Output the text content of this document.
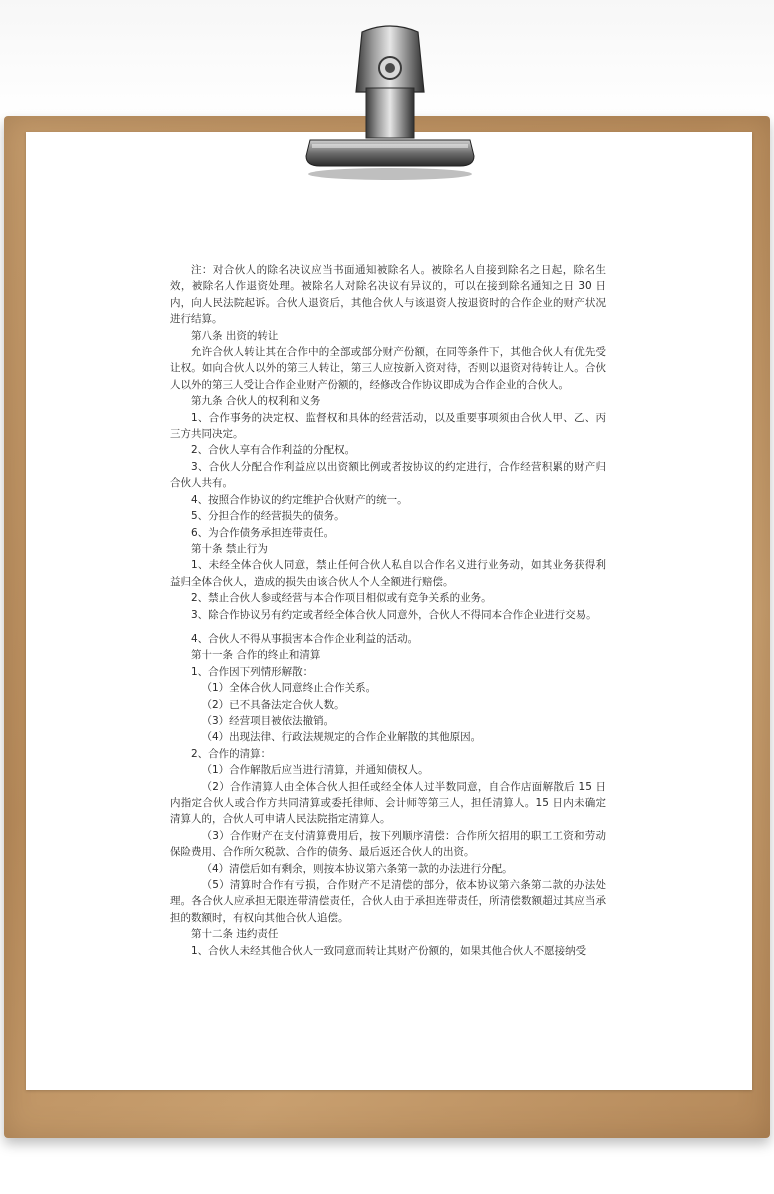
注：对合伙人的除名决议应当书面通知被除名人。被除名人自接到除名之日起，除名生效，被除名人作退资处理。被除名人对除名决议有异议的，可以在接到除名通知之日 30 日内，向人民法院起诉。合伙人退资后，其他合伙人与该退资人按退资时的合作企业的财产状况进行结算。

第八条 出资的转让

允许合伙人转让其在合作中的全部或部分财产份额，在同等条件下，其他合伙人有优先受让权。如向合伙人以外的第三人转让，第三人应按新入资对待，否则以退资对待转让人。合伙人以外的第三人受让合作企业财产份额的，经修改合作协议即成为合作企业的合伙人。

第九条 合伙人的权利和义务

1、合作事务的决定权、监督权和具体的经营活动，以及重要事项须由合伙人甲、乙、丙三方共同决定。

2、合伙人享有合作利益的分配权。

3、合伙人分配合作利益应以出资额比例或者按协议的约定进行，合作经营积累的财产归合伙人共有。

4、按照合作协议的约定维护合伙财产的统一。

5、分担合作的经营损失的债务。

6、为合作债务承担连带责任。

第十条 禁止行为

1、未经全体合伙人同意，禁止任何合伙人私自以合作名义进行业务动，如其业务获得利益归全体合伙人，造成的损失由该合伙人个人全额进行赔偿。

2、禁止合伙人参或经营与本合作项目相似或有竞争关系的业务。

3、除合作协议另有约定或者经全体合伙人同意外，合伙人不得同本合作企业进行交易。

4、合伙人不得从事损害本合作企业利益的活动。

第十一条 合作的终止和清算

1、合作因下列情形解散：

（1）全体合伙人同意终止合作关系。

（2）已不具备法定合伙人数。

（3）经营项目被依法撤销。

（4）出现法律、行政法规规定的合作企业解散的其他原因。

2、合作的清算：

（1）合作解散后应当进行清算，并通知债权人。

（2）合作清算人由全体合伙人担任或经全体人过半数同意，自合作店面解散后 15 日内指定合伙人或合作方共同清算或委托律师、会计师等第三人，担任清算人。15 日内未确定清算人的，合伙人可申请人民法院指定清算人。

（3）合作财产在支付清算费用后，按下列顺序清偿：合作所欠招用的职工工资和劳动保险费用、合作所欠税款、合作的债务、最后返还合伙人的出资。

（4）清偿后如有剩余，则按本协议第六条第一款的办法进行分配。

（5）清算时合作有亏损，合作财产不足清偿的部分，依本协议第六条第二款的办法处理。各合伙人应承担无限连带清偿责任，合伙人由于承担连带责任，所清偿数额超过其应当承担的数额时，有权向其他合伙人追偿。

第十二条 违约责任

1、合伙人未经其他合伙人一致同意而转让其财产份额的，如果其他合伙人不愿接纳受
